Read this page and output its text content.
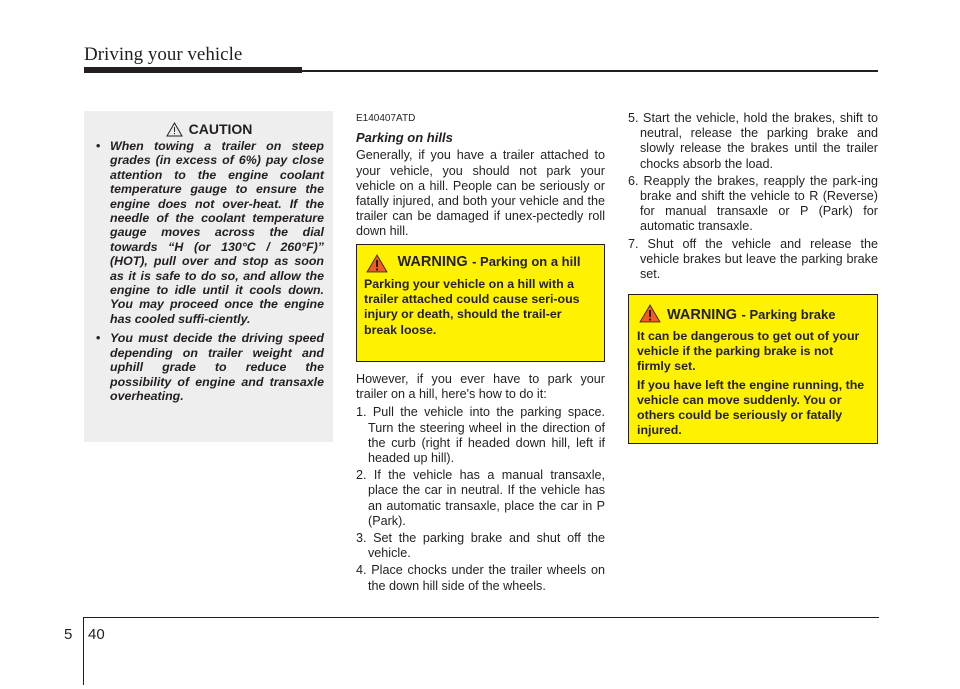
Driving your vehicle
CAUTION
• When towing a trailer on steep grades (in excess of 6%) pay close attention to the engine coolant temperature gauge to ensure the engine does not over-heat. If the needle of the coolant temperature gauge moves across the dial towards “H (or 130°C / 260°F)” (HOT), pull over and stop as soon as it is safe to do so, and allow the engine to idle until it cools down. You may proceed once the engine has cooled suffi-ciently.
• You must decide the driving speed depending on trailer weight and uphill grade to reduce the possibility of engine and transaxle overheating.
E140407ATD
Parking on hills

Generally, if you have a trailer attached to your vehicle, you should not park your vehicle on a hill. People can be seriously or fatally injured, and both your vehicle and the trailer can be damaged if unex-pectedly roll down hill.

WARNING - Parking on a hill
Parking your vehicle on a hill with a trailer attached could cause seri-ous injury or death, should the trail-er break loose.

However, if you ever have to park your trailer on a hill, here's how to do it:

1. Pull the vehicle into the parking space. Turn the steering wheel in the direction of the curb (right if headed down hill, left if headed up hill).
2. If the vehicle has a manual transaxle, place the car in neutral. If the vehicle has an automatic transaxle, place the car in P (Park).
3. Set the parking brake and shut off the vehicle.
4. Place chocks under the trailer wheels on the down hill side of the wheels.
5. Start the vehicle, hold the brakes, shift to neutral, release the parking brake and slowly release the brakes until the trailer chocks absorb the load.
6. Reapply the brakes, reapply the park-ing brake and shift the vehicle to R (Reverse) for manual transaxle or P (Park) for automatic transaxle.
7. Shut off the vehicle and release the vehicle brakes but leave the parking brake set.
WARNING - Parking brake
It can be dangerous to get out of your vehicle if the parking brake is not firmly set.
If you have left the engine running, the vehicle can move suddenly. You or others could be seriously or fatally injured.
5 40
